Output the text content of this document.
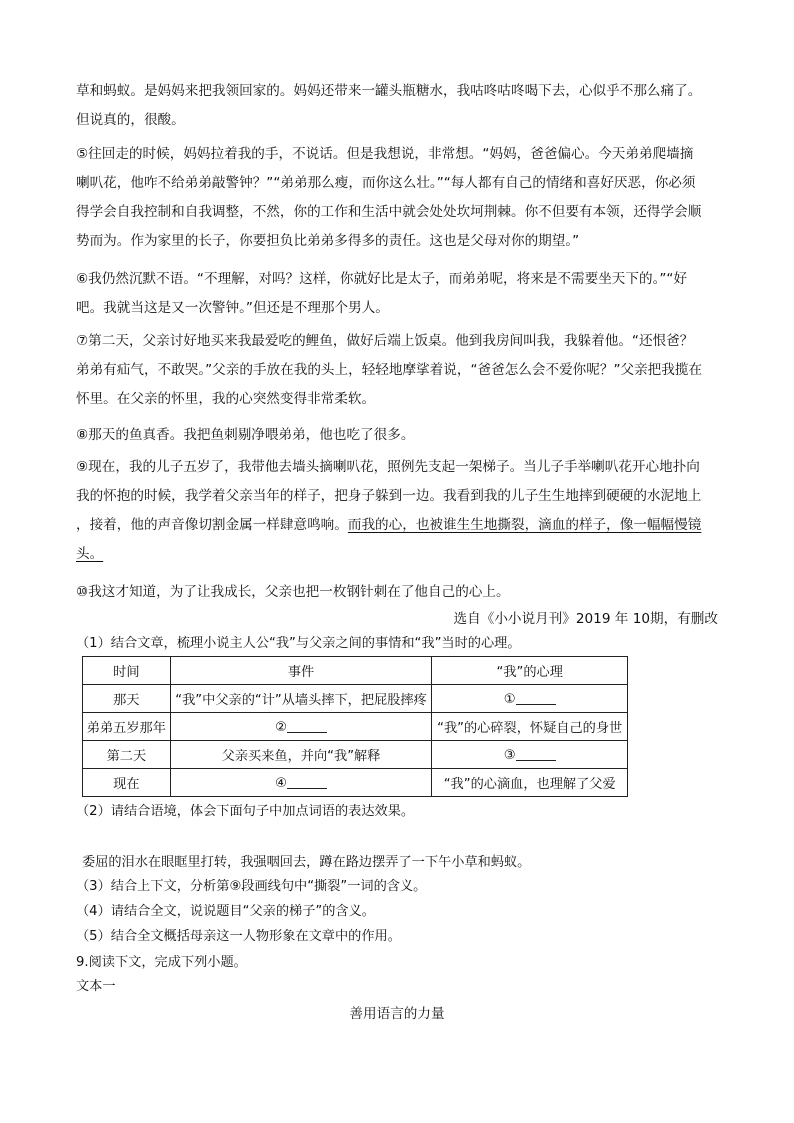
草和蚂蚁。是妈妈来把我领回家的。妈妈还带来一罐头瓶糖水，我咕咚咕咚喝下去，心似乎不那么痛了。
但说真的，很酸。
⑤往回走的时候，妈妈拉着我的手，不说话。但是我想说，非常想。“妈妈，爸爸偏心。今天弟弟爬墙摘
喇叭花，他咋不给弟弟敲警钟？”“弟弟那么瘦，而你这么壮。”“每人都有自己的情绪和喜好厌恶，你必须
得学会自我控制和自我调整，不然，你的工作和生活中就会处处坎坷荆棘。你不但要有本领，还得学会顺
势而为。作为家里的长子，你要担负比弟弟多得多的责任。这也是父母对你的期望。”
⑥我仍然沉默不语。“不理解，对吗？这样，你就好比是太子，而弟弟呢，将来是不需要坐天下的。”“好
吧。我就当这是又一次警钟。”但还是不理那个男人。
⑦第二天，父亲讨好地买来我最爱吃的鲤鱼，做好后端上饭桌。他到我房间叫我，我躲着他。“还恨爸？
弟弟有疝气，不敢哭。”父亲的手放在我的头上，轻轻地摩挲着说，“爸爸怎么会不爱你呢？”父亲把我揽在
怀里。在父亲的怀里，我的心突然变得非常柔软。
⑧那天的鱼真香。我把鱼刺剔净喂弟弟，他也吃了很多。
⑨现在，我的儿子五岁了，我带他去墙头摘喇叭花，照例先支起一架梯子。当儿子手举喇叭花开心地扑向
我的怀抱的时候，我学着父亲当年的样子，把身子躲到一边。我看到我的儿子生生地摔到硬硬的水泥地上
，接着，他的声音像切割金属一样肆意鸣响。而我的心，也被谁生生地撕裂，滴血的样子，像一幅幅慢镜
头。
⑩我这才知道，为了让我成长，父亲也把一枚钢针刺在了他自己的心上。
选自《小小说月刊》2019 年 10期，有删改

（1）结合文章，梳理小说主人公“我”与父亲之间的事情和“我”当时的心理。

时间	事件	“我”的心理
那天	“我”中父亲的“计”从墙头摔下，把屁股摔疼	①
弟弟五岁那年	②	“我”的心碎裂，怀疑自己的身世
第二天	父亲买来鱼，并向“我”解释	③
现在	④	“我”的心滴血，也理解了父爱

（2）请结合语境，体会下面句子中加点词语的表达效果。

委屈的泪水在眼眶里打转，我强咽回去，蹲在路边摆弄了一下午小草和蚂蚁。

（3）结合上下文，分析第⑨段画线句中“撕裂”一词的含义。

（4）请结合全文，说说题目“父亲的梯子”的含义。

（5）结合全文概括母亲这一人物形象在文章中的作用。

9.阅读下文，完成下列小题。

文本一

善用语言的力量
